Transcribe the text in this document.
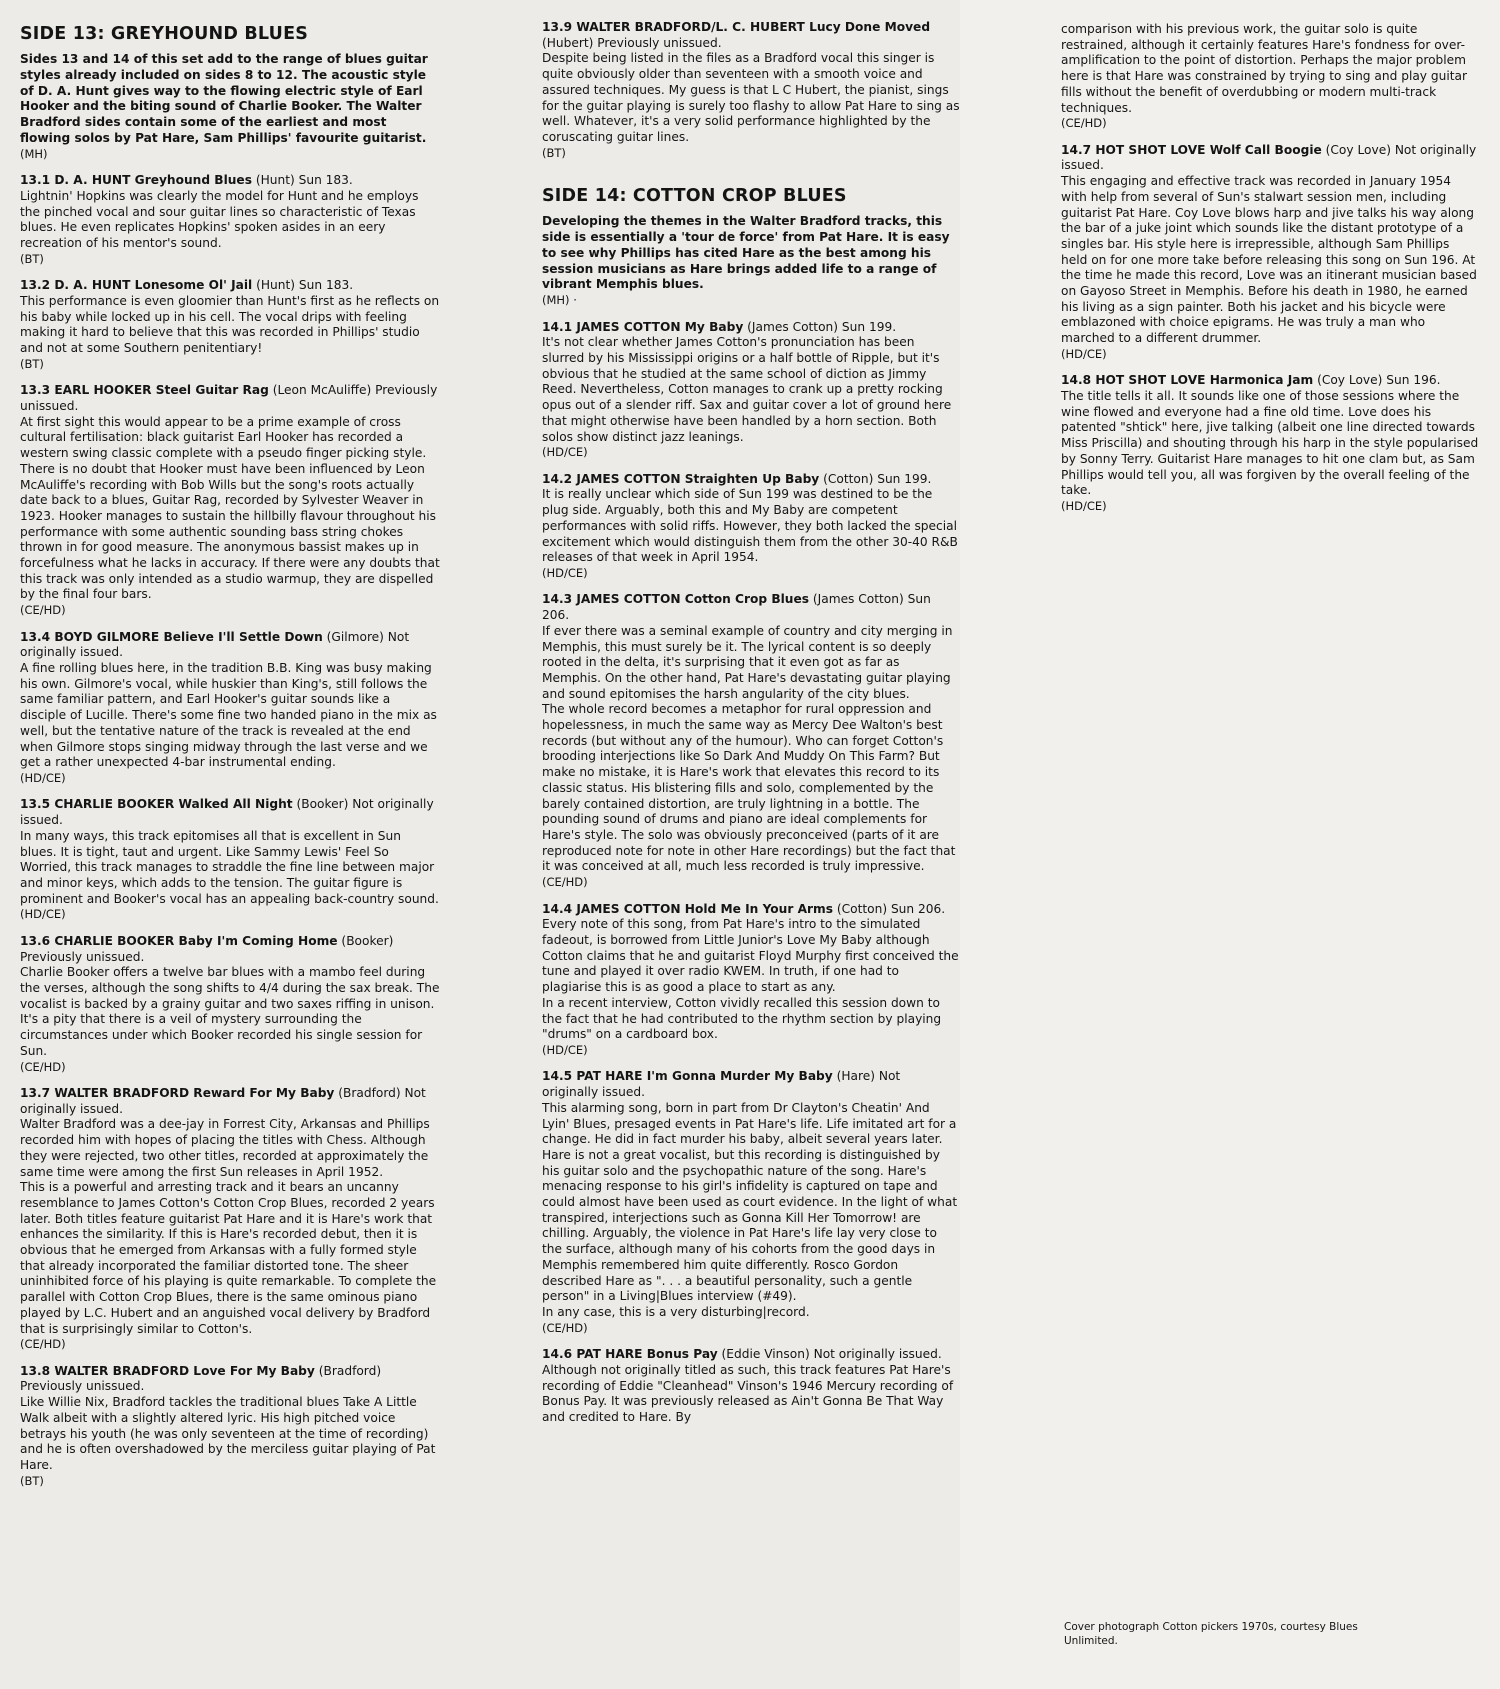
SIDE 13: GREYHOUND BLUES

Sides 13 and 14 of this set add to the range of blues guitar styles already included on sides 8 to 12. The acoustic style of D. A. Hunt gives way to the flowing electric style of Earl Hooker and the biting sound of Charlie Booker. The Walter Bradford sides contain some of the earliest and most flowing solos by Pat Hare, Sam Phillips' favourite guitarist.

(MH)

13.1 D. A. HUNT Greyhound Blues (Hunt) Sun 183.

Lightnin' Hopkins was clearly the model for Hunt and he employs the pinched vocal and sour guitar lines so characteristic of Texas blues. He even replicates Hopkins' spoken asides in an eery recreation of his mentor's sound.

(BT)

13.2 D. A. HUNT Lonesome Ol' Jail (Hunt) Sun 183.

This performance is even gloomier than Hunt's first as he reflects on his baby while locked up in his cell. The vocal drips with feeling making it hard to believe that this was recorded in Phillips' studio and not at some Southern penitentiary!

(BT)

13.3 EARL HOOKER Steel Guitar Rag (Leon McAuliffe) Previously unissued.

At first sight this would appear to be a prime example of cross cultural fertilisation: black guitarist Earl Hooker has recorded a western swing classic complete with a pseudo finger picking style. There is no doubt that Hooker must have been influenced by Leon McAuliffe's recording with Bob Wills but the song's roots actually date back to a blues, Guitar Rag, recorded by Sylvester Weaver in 1923. Hooker manages to sustain the hillbilly flavour throughout his performance with some authentic sounding bass string chokes thrown in for good measure. The anonymous bassist makes up in forcefulness what he lacks in accuracy. If there were any doubts that this track was only intended as a studio warmup, they are dispelled by the final four bars.

(CE/HD)

13.4 BOYD GILMORE Believe I'll Settle Down (Gilmore) Not originally issued.

A fine rolling blues here, in the tradition B.B. King was busy making his own. Gilmore's vocal, while huskier than King's, still follows the same familiar pattern, and Earl Hooker's guitar sounds like a disciple of Lucille. There's some fine two handed piano in the mix as well, but the tentative nature of the track is revealed at the end when Gilmore stops singing midway through the last verse and we get a rather unexpected 4-bar instrumental ending.

(HD/CE)

13.5 CHARLIE BOOKER Walked All Night (Booker) Not originally issued.

In many ways, this track epitomises all that is excellent in Sun blues. It is tight, taut and urgent. Like Sammy Lewis' Feel So Worried, this track manages to straddle the fine line between major and minor keys, which adds to the tension. The guitar figure is prominent and Booker's vocal has an appealing back-country sound.

(HD/CE)

13.6 CHARLIE BOOKER Baby I'm Coming Home (Booker) Previously unissued.

Charlie Booker offers a twelve bar blues with a mambo feel during the verses, although the song shifts to 4/4 during the sax break. The vocalist is backed by a grainy guitar and two saxes riffing in unison. It's a pity that there is a veil of mystery surrounding the circumstances under which Booker recorded his single session for Sun.

(CE/HD)

13.7 WALTER BRADFORD Reward For My Baby (Bradford) Not originally issued.

Walter Bradford was a dee-jay in Forrest City, Arkansas and Phillips recorded him with hopes of placing the titles with Chess. Although they were rejected, two other titles, recorded at approximately the same time were among the first Sun releases in April 1952.
This is a powerful and arresting track and it bears an uncanny resemblance to James Cotton's Cotton Crop Blues, recorded 2 years later. Both titles feature guitarist Pat Hare and it is Hare's work that enhances the similarity. If this is Hare's recorded debut, then it is obvious that he emerged from Arkansas with a fully formed style that already incorporated the familiar distorted tone. The sheer uninhibited force of his playing is quite remarkable. To complete the parallel with Cotton Crop Blues, there is the same ominous piano played by L.C. Hubert and an anguished vocal delivery by Bradford that is surprisingly similar to Cotton's.

(CE/HD)

13.8 WALTER BRADFORD Love For My Baby (Bradford) Previously unissued.

Like Willie Nix, Bradford tackles the traditional blues Take A Little Walk albeit with a slightly altered lyric. His high pitched voice betrays his youth (he was only seventeen at the time of recording) and he is often overshadowed by the merciless guitar playing of Pat Hare.

(BT)

13.9 WALTER BRADFORD/L. C. HUBERT Lucy Done Moved (Hubert) Previously unissued.

Despite being listed in the files as a Bradford vocal this singer is quite obviously older than seventeen with a smooth voice and assured techniques. My guess is that L C Hubert, the pianist, sings for the guitar playing is surely too flashy to allow Pat Hare to sing as well. Whatever, it's a very solid performance highlighted by the coruscating guitar lines.

(BT)

SIDE 14: COTTON CROP BLUES

Developing the themes in the Walter Bradford tracks, this side is essentially a 'tour de force' from Pat Hare. It is easy to see why Phillips has cited Hare as the best among his session musicians as Hare brings added life to a range of vibrant Memphis blues.

(MH) ·

14.1 JAMES COTTON My Baby (James Cotton) Sun 199.

It's not clear whether James Cotton's pronunciation has been slurred by his Mississippi origins or a half bottle of Ripple, but it's obvious that he studied at the same school of diction as Jimmy Reed. Nevertheless, Cotton manages to crank up a pretty rocking opus out of a slender riff. Sax and guitar cover a lot of ground here that might otherwise have been handled by a horn section. Both solos show distinct jazz leanings.

(HD/CE)

14.2 JAMES COTTON Straighten Up Baby (Cotton) Sun 199.

It is really unclear which side of Sun 199 was destined to be the plug side. Arguably, both this and My Baby are competent performances with solid riffs. However, they both lacked the special excitement which would distinguish them from the other 30-40 R&B releases of that week in April 1954.

(HD/CE)

14.3 JAMES COTTON Cotton Crop Blues (James Cotton) Sun 206.

If ever there was a seminal example of country and city merging in Memphis, this must surely be it. The lyrical content is so deeply rooted in the delta, it's surprising that it even got as far as Memphis. On the other hand, Pat Hare's devastating guitar playing and sound epitomises the harsh angularity of the city blues.
The whole record becomes a metaphor for rural oppression and hopelessness, in much the same way as Mercy Dee Walton's best records (but without any of the humour). Who can forget Cotton's brooding interjections like So Dark And Muddy On This Farm? But make no mistake, it is Hare's work that elevates this record to its classic status. His blistering fills and solo, complemented by the barely contained distortion, are truly lightning in a bottle. The pounding sound of drums and piano are ideal complements for Hare's style. The solo was obviously preconceived (parts of it are reproduced note for note in other Hare recordings) but the fact that it was conceived at all, much less recorded is truly impressive.

(CE/HD)

14.4 JAMES COTTON Hold Me In Your Arms (Cotton) Sun 206.

Every note of this song, from Pat Hare's intro to the simulated fadeout, is borrowed from Little Junior's Love My Baby although Cotton claims that he and guitarist Floyd Murphy first conceived the tune and played it over radio KWEM. In truth, if one had to plagiarise this is as good a place to start as any.
In a recent interview, Cotton vividly recalled this session down to the fact that he had contributed to the rhythm section by playing "drums" on a cardboard box.

(HD/CE)

14.5 PAT HARE I'm Gonna Murder My Baby (Hare) Not originally issued.

This alarming song, born in part from Dr Clayton's Cheatin' And Lyin' Blues, presaged events in Pat Hare's life. Life imitated art for a change. He did in fact murder his baby, albeit several years later.
Hare is not a great vocalist, but this recording is distinguished by his guitar solo and the psychopathic nature of the song. Hare's menacing response to his girl's infidelity is captured on tape and could almost have been used as court evidence. In the light of what transpired, interjections such as Gonna Kill Her Tomorrow! are chilling. Arguably, the violence in Pat Hare's life lay very close to the surface, although many of his cohorts from the good days in Memphis remembered him quite differently. Rosco Gordon described Hare as ". . . a beautiful personality, such a gentle person" in a Living|Blues interview (#49).
In any case, this is a very disturbing|record.

(CE/HD)

14.6 PAT HARE Bonus Pay (Eddie Vinson) Not originally issued.

Although not originally titled as such, this track features Pat Hare's recording of Eddie "Cleanhead" Vinson's 1946 Mercury recording of Bonus Pay. It was previously released as Ain't Gonna Be That Way and credited to Hare. By

comparison with his previous work, the guitar solo is quite restrained, although it certainly features Hare's fondness for over-amplification to the point of distortion. Perhaps the major problem here is that Hare was constrained by trying to sing and play guitar fills without the benefit of overdubbing or modern multi-track techniques.

(CE/HD)

14.7 HOT SHOT LOVE Wolf Call Boogie (Coy Love) Not originally issued.

This engaging and effective track was recorded in January 1954 with help from several of Sun's stalwart session men, including guitarist Pat Hare. Coy Love blows harp and jive talks his way along the bar of a juke joint which sounds like the distant prototype of a singles bar. His style here is irrepressible, although Sam Phillips held on for one more take before releasing this song on Sun 196. At the time he made this record, Love was an itinerant musician based on Gayoso Street in Memphis. Before his death in 1980, he earned his living as a sign painter. Both his jacket and his bicycle were emblazoned with choice epigrams. He was truly a man who marched to a different drummer.

(HD/CE)

14.8 HOT SHOT LOVE Harmonica Jam (Coy Love) Sun 196.

The title tells it all. It sounds like one of those sessions where the wine flowed and everyone had a fine old time. Love does his patented "shtick" here, jive talking (albeit one line directed towards Miss Priscilla) and shouting through his harp in the style popularised by Sonny Terry. Guitarist Hare manages to hit one clam but, as Sam Phillips would tell you, all was forgiven by the overall feeling of the take.

(HD/CE)

Cover photograph Cotton pickers 1970s, courtesy Blues Unlimited.
